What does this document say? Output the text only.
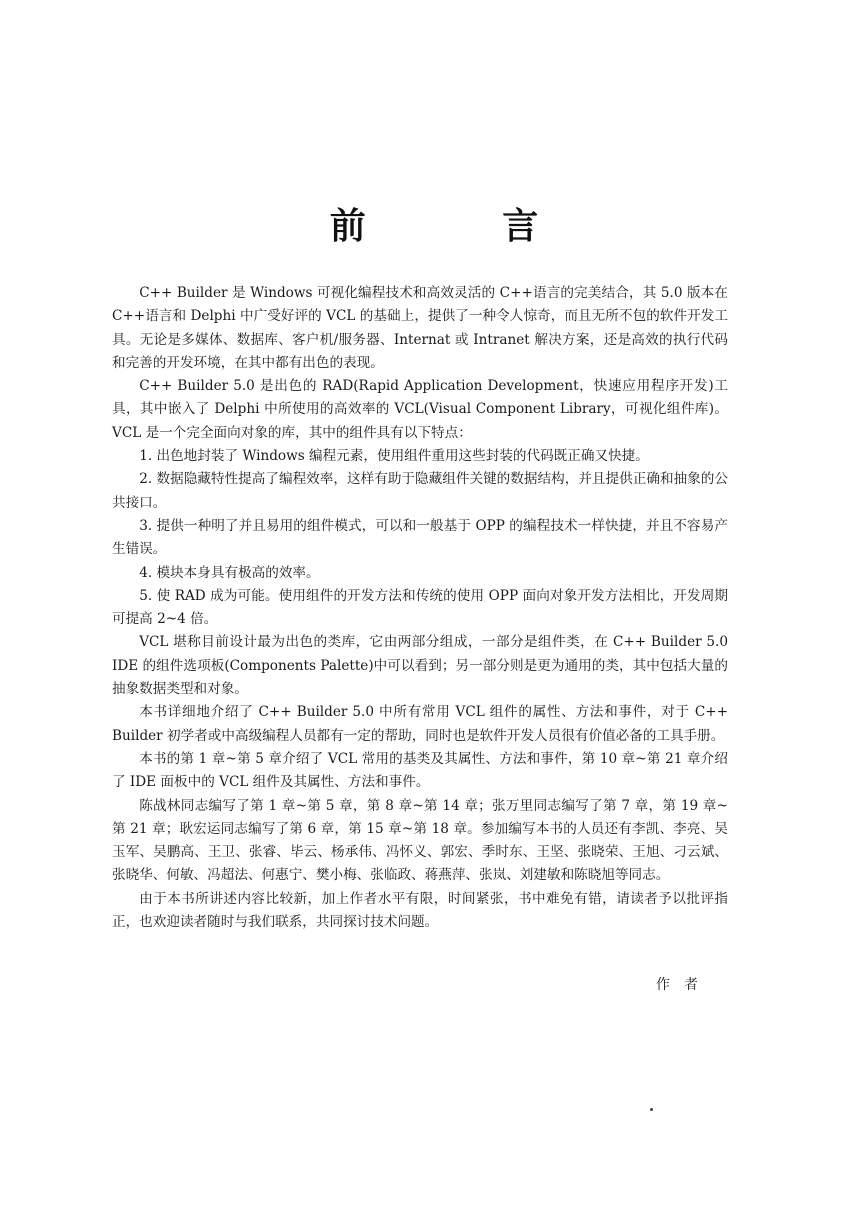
前 言

C++ Builder 是 Windows 可视化编程技术和高效灵活的 C++语言的完美结合，其 5.0 版本在 C++语言和 Delphi 中广受好评的 VCL 的基础上，提供了一种令人惊奇，而且无所不包的软件开发工具。无论是多媒体、数据库、客户机/服务器、Internat 或 Intranet 解决方案，还是高效的执行代码和完善的开发环境，在其中都有出色的表现。

C++ Builder 5.0 是出色的 RAD(Rapid Application Development，快速应用程序开发)工具，其中嵌入了 Delphi 中所使用的高效率的 VCL(Visual Component Library，可视化组件库)。VCL 是一个完全面向对象的库，其中的组件具有以下特点：

1. 出色地封装了 Windows 编程元素，使用组件重用这些封装的代码既正确又快捷。

2. 数据隐藏特性提高了编程效率，这样有助于隐藏组件关键的数据结构，并且提供正确和抽象的公共接口。

3. 提供一种明了并且易用的组件模式，可以和一般基于 OPP 的编程技术一样快捷，并且不容易产生错误。

4. 模块本身具有极高的效率。

5. 使 RAD 成为可能。使用组件的开发方法和传统的使用 OPP 面向对象开发方法相比，开发周期可提高 2~4 倍。

VCL 堪称目前设计最为出色的类库，它由两部分组成，一部分是组件类，在 C++ Builder 5.0 IDE 的组件选项板(Components Palette)中可以看到；另一部分则是更为通用的类，其中包括大量的抽象数据类型和对象。

本书详细地介绍了 C++ Builder 5.0 中所有常用 VCL 组件的属性、方法和事件，对于 C++ Builder 初学者或中高级编程人员都有一定的帮助，同时也是软件开发人员很有价值必备的工具手册。

本书的第 1 章~第 5 章介绍了 VCL 常用的基类及其属性、方法和事件，第 10 章~第 21 章介绍了 IDE 面板中的 VCL 组件及其属性、方法和事件。

陈战林同志编写了第 1 章~第 5 章，第 8 章~第 14 章；张万里同志编写了第 7 章，第 19 章~第 21 章；耿宏运同志编写了第 6 章，第 15 章~第 18 章。参加编写本书的人员还有李凯、李亮、吴玉军、吴鹏高、王卫、张睿、毕云、杨承伟、冯怀义、郭宏、季时东、王坚、张晓荣、王旭、刁云斌、张晓华、何敏、冯超法、何惠宁、樊小梅、张临政、蒋燕萍、张岚、刘建敏和陈晓旭等同志。

由于本书所讲述内容比较新，加上作者水平有限，时间紧张，书中难免有错，请读者予以批评指正，也欢迎读者随时与我们联系，共同探讨技术问题。

作者
